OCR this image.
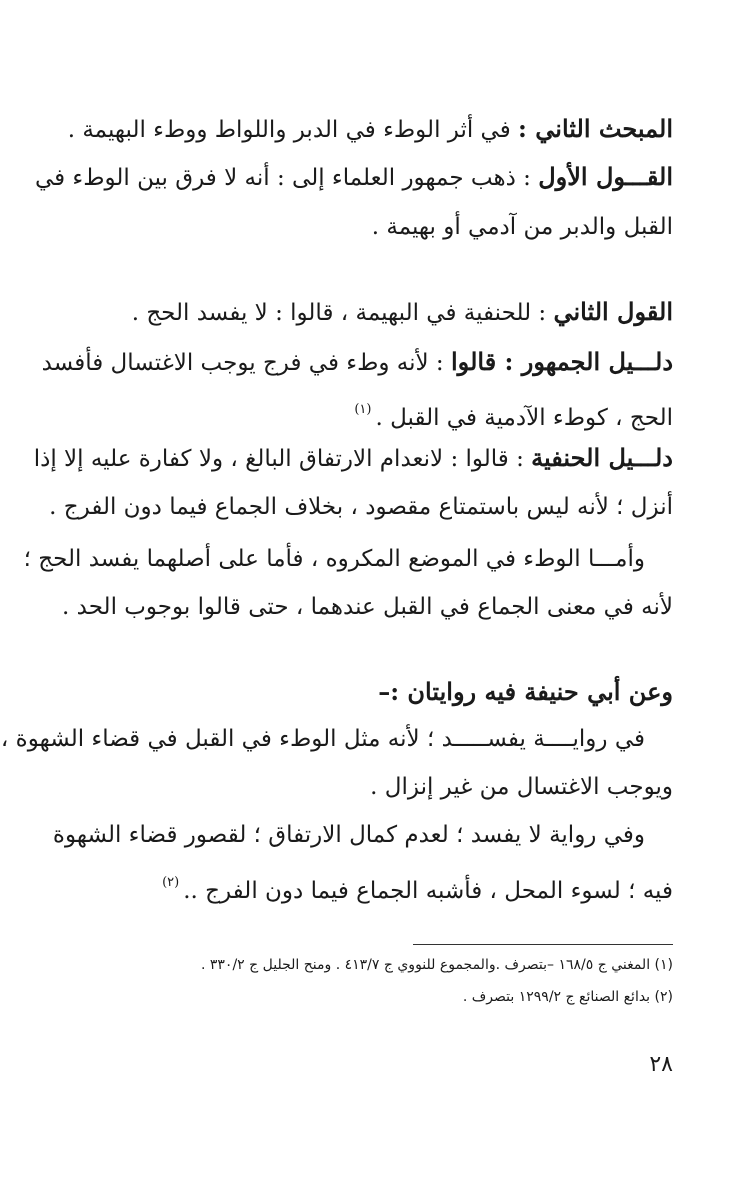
المبحث الثاني : في أثر الوطء في الدبر واللواط ووطء البهيمة .
القـــول الأول : ذهب جمهور العلماء إلى : أنه لا فرق بين الوطء في
القبل والدبر من آدمي أو بهيمة .
القول الثاني : للحنفية في البهيمة ، قالوا : لا يفسد الحج .
دلـــيل الجمهور : قالوا : لأنه وطء في فرج يوجب الاغتسال فأفسد
الحج ، كوطء الآدمية في القبل .$^{(١)}$
دلـــيل الحنفية : قالوا : لانعدام الارتفاق البالغ ، ولا كفارة عليه إلا إذا
أنزل ؛ لأنه ليس باستمتاع مقصود ، بخلاف الجماع فيما دون الفرج .
وأمـــا الوطء في الموضع المكروه ، فأما على أصلهما يفسد الحج ؛
لأنه في معنى الجماع في القبل عندهما ، حتى قالوا بوجوب الحد .
وعن أبي حنيفة فيه روايتان :–
في روايــــة يفســـــد ؛ لأنه مثل الوطء في القبل في قضاء الشهوة ،
ويوجب الاغتسال من غير إنزال .
وفي رواية لا يفسد ؛ لعدم كمال الارتفاق ؛ لقصور قضاء الشهوة
فيه ؛ لسوء المحل ، فأشبه الجماع فيما دون الفرج ..$^{(٢)}$
(١) المغني ج ١٦٨/٥ –بتصرف .والمجموع للنووي ج ٤١٣/٧ . ومنح الجليل ج ٣٣٠/٢ .
(٢) بدائع الصنائع ج ١٢٩٩/٢ بتصرف .
٢٨
